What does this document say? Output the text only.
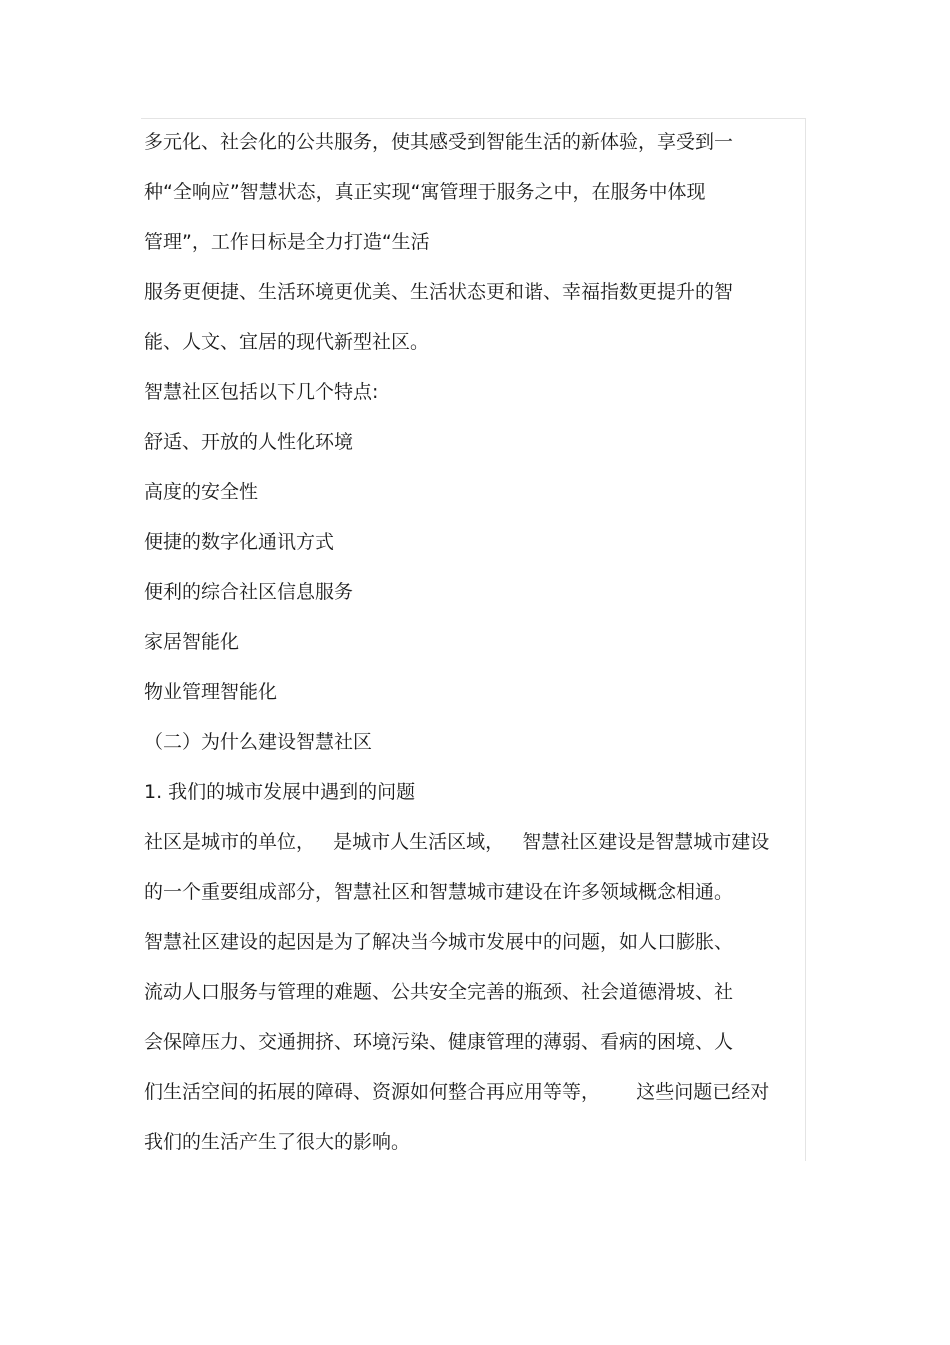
多元化、社会化的公共服务，使其感受到智能生活的新体验，享受到一
种“全响应”智慧状态，真正实现“寓管理于服务之中，在服务中体现
管理”，工作日标是全力打造“生活
服务更便捷、生活环境更优美、生活状态更和谐、幸福指数更提升的智
能、人文、宜居的现代新型社区。
智慧社区包括以下几个特点:
舒适、开放的人性化环境
高度的安全性
便捷的数字化通讯方式
便利的综合社区信息服务
家居智能化
物业管理智能化
（二）为什么建设智慧社区
1. 我们的城市发展中遇到的问题
社区是城市的单位，   是城市人生活区域，   智慧社区建设是智慧城市建设
的一个重要组成部分，智慧社区和智慧城市建设在许多领域概念相通。
智慧社区建设的起因是为了解决当今城市发展中的问题，如人口膨胀、
流动人口服务与管理的难题、公共安全完善的瓶颈、社会道德滑坡、社
会保障压力、交通拥挤、环境污染、健康管理的薄弱、看病的困境、人
们生活空间的拓展的障碍、资源如何整合再应用等等，      这些问题已经对
我们的生活产生了很大的影响。
